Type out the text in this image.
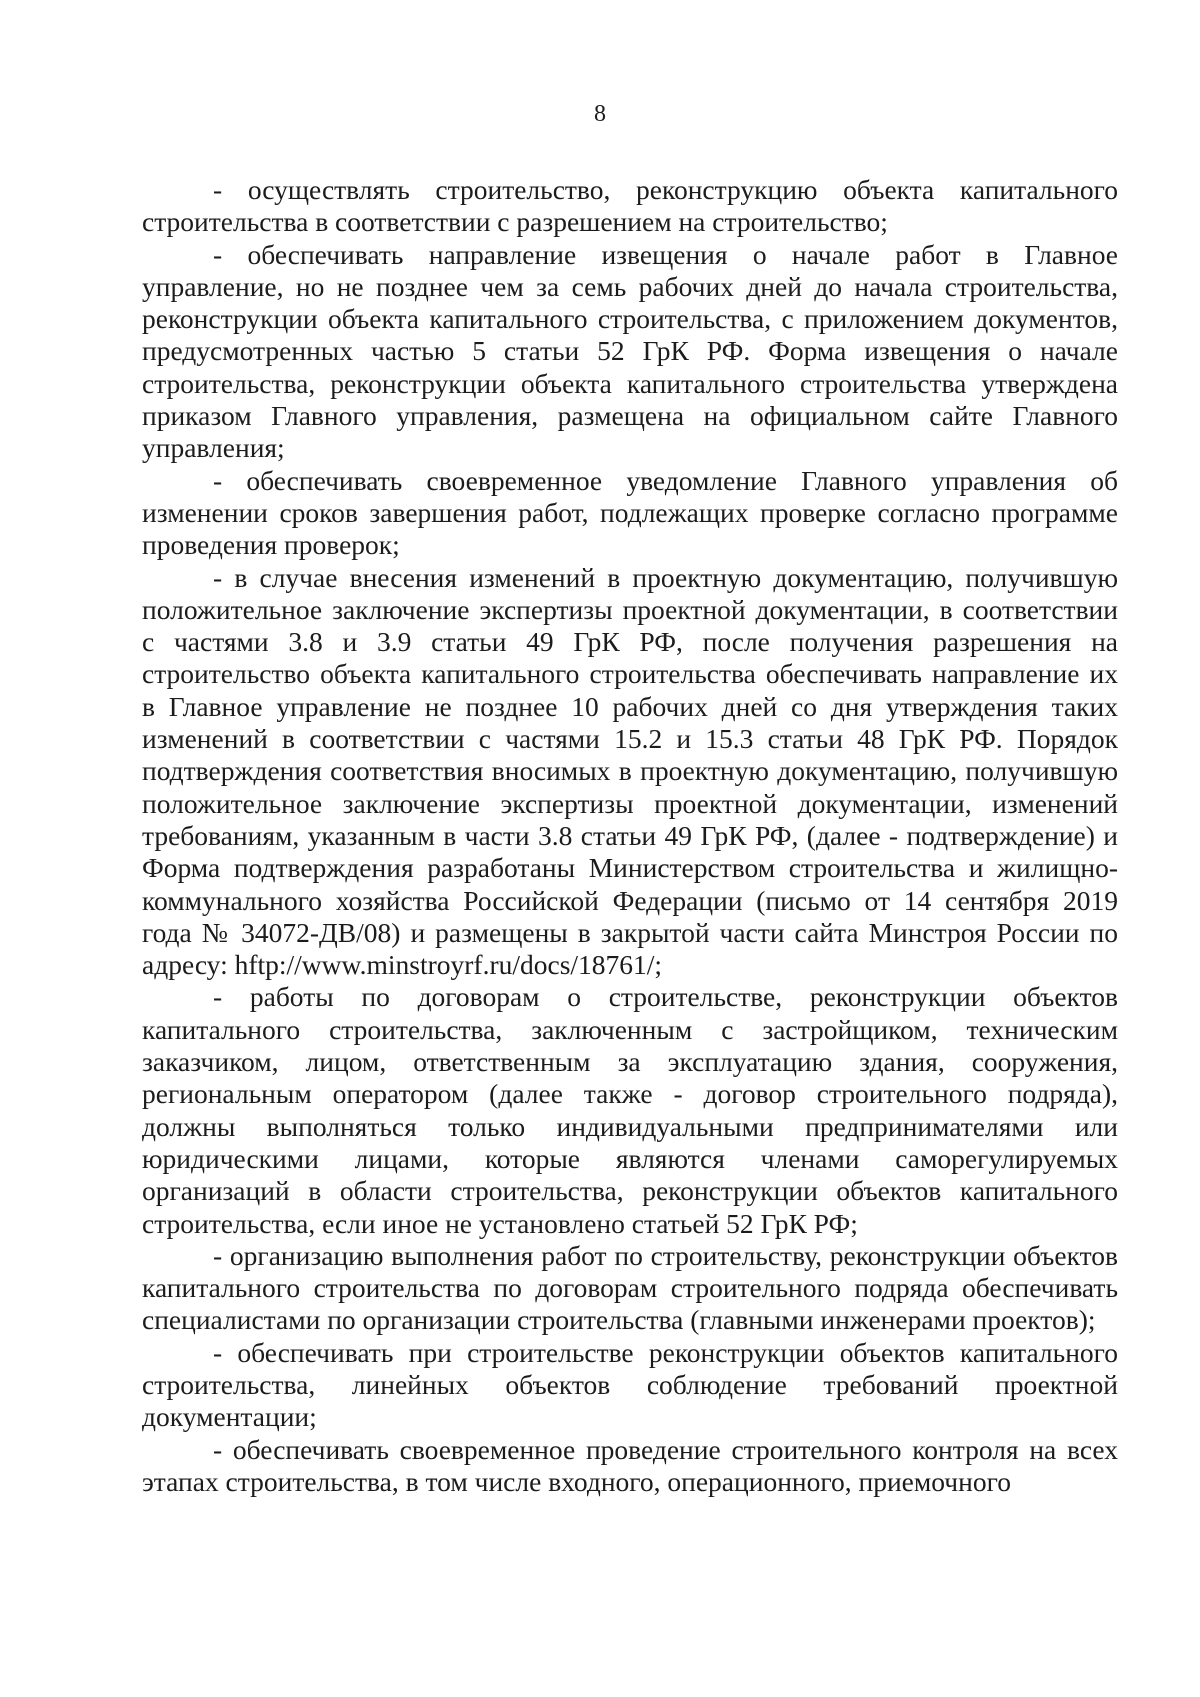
8

- осуществлять строительство, реконструкцию объекта капитального строительства в соответствии с разрешением на строительство;

- обеспечивать направление извещения о начале работ в Главное управление, но не позднее чем за семь рабочих дней до начала строительства, реконструкции объекта капитального строительства, с приложением документов, предусмотренных частью 5 статьи 52 ГрК РФ. Форма извещения о начале строительства, реконструкции объекта капитального строительства утверждена приказом Главного управления, размещена на официальном сайте Главного управления;

- обеспечивать своевременное уведомление Главного управления об изменении сроков завершения работ, подлежащих проверке согласно программе проведения проверок;

- в случае внесения изменений в проектную документацию, получившую положительное заключение экспертизы проектной документации, в соответствии с частями 3.8 и 3.9 статьи 49 ГрК РФ, после получения разрешения на строительство объекта капитального строительства обеспечивать направление их в Главное управление не позднее 10 рабочих дней со дня утверждения таких изменений в соответствии с частями 15.2 и 15.3 статьи 48 ГрК РФ. Порядок подтверждения соответствия вносимых в проектную документацию, получившую положительное заключение экспертизы проектной документации, изменений требованиям, указанным в части 3.8 статьи 49 ГрК РФ, (далее - подтверждение) и Форма подтверждения разработаны Министерством строительства и жилищно-коммунального хозяйства Российской Федерации (письмо от 14 сентября 2019 года № 34072-ДВ/08) и размещены в закрытой части сайта Минстроя России по адресу: hftp://www.minstroyrf.ru/docs/18761/;

- работы по договорам о строительстве, реконструкции объектов капитального строительства, заключенным с застройщиком, техническим заказчиком, лицом, ответственным за эксплуатацию здания, сооружения, региональным оператором (далее также - договор строительного подряда), должны выполняться только индивидуальными предпринимателями или юридическими лицами, которые являются членами саморегулируемых организаций в области строительства, реконструкции объектов капитального строительства, если иное не установлено статьей 52 ГрК РФ;

- организацию выполнения работ по строительству, реконструкции объектов капитального строительства по договорам строительного подряда обеспечивать специалистами по организации строительства (главными инженерами проектов);

- обеспечивать при строительстве реконструкции объектов капитального строительства, линейных объектов соблюдение требований проектной документации;

- обеспечивать своевременное проведение строительного контроля на всех этапах строительства, в том числе входного, операционного, приемочного
